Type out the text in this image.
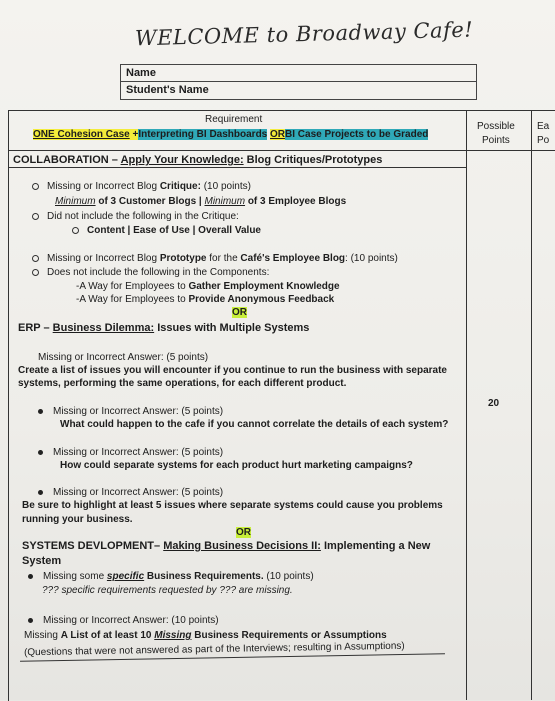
WELCOME to Broadway Cafe!
Name
Student's Name
Requirement
ONE Cohesion Case +Interpreting BI Dashboards ORBI Case Projects to be Graded
Possible
Points
Ea
Po
COLLABORATION – Apply Your Knowledge: Blog Critiques/Prototypes
Missing or Incorrect Blog Critique: (10 points)
Minimum of 3 Customer Blogs | Minimum of 3 Employee Blogs
Did not include the following in the Critique:
Content | Ease of Use | Overall Value
Missing or Incorrect Blog Prototype for the Café's Employee Blog: (10 points)
Does not include the following in the Components:
-A Way for Employees to Gather Employment Knowledge
-A Way for Employees to Provide Anonymous Feedback
OR
ERP – Business Dilemma: Issues with Multiple Systems
Missing or Incorrect Answer: (5 points)
Create a list of issues you will encounter if you continue to run the business with separate
systems, performing the same operations, for each different product.
20
Missing or Incorrect Answer: (5 points)
What could happen to the cafe if you cannot correlate the details of each system?
Missing or Incorrect Answer: (5 points)
How could separate systems for each product hurt marketing campaigns?
Missing or Incorrect Answer: (5 points)
Be sure to highlight at least 5 issues where separate systems could cause you problems
running your business.
OR
SYSTEMS DEVLOPMENT– Making Business Decisions II: Implementing a New
System
Missing some specific Business Requirements. (10 points)
??? specific requirements requested by ??? are missing.
Missing or Incorrect Answer: (10 points)
Missing A List of at least 10 Missing Business Requirements or Assumptions
(Questions that were not answered as part of the Interviews; resulting in Assumptions)
